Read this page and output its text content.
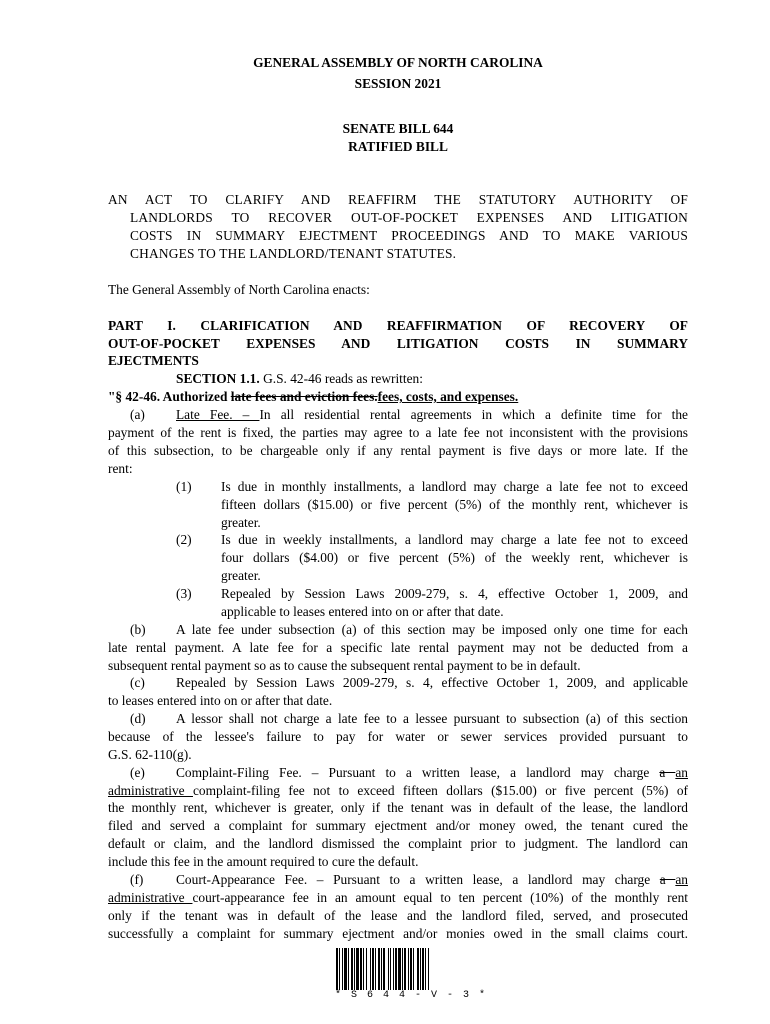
GENERAL ASSEMBLY OF NORTH CAROLINA
SESSION 2021
SENATE BILL 644
RATIFIED BILL
AN ACT TO CLARIFY AND REAFFIRM THE STATUTORY AUTHORITY OF
LANDLORDS TO RECOVER OUT-OF-POCKET EXPENSES AND LITIGATION
COSTS IN SUMMARY EJECTMENT PROCEEDINGS AND TO MAKE VARIOUS
CHANGES TO THE LANDLORD/TENANT STATUTES.
The General Assembly of North Carolina enacts:
PART I. CLARIFICATION AND REAFFIRMATION OF RECOVERY OF
OUT-OF-POCKET EXPENSES AND LITIGATION COSTS IN SUMMARY
EJECTMENTS
SECTION 1.1. G.S. 42-46 reads as rewritten:
"§ 42-46. Authorized late fees and eviction fees.fees, costs, and expenses.
(a)	Late Fee. – In all residential rental agreements in which a definite time for the
payment of the rent is fixed, the parties may agree to a late fee not inconsistent with the provisions
of this subsection, to be chargeable only if any rental payment is five days or more late. If the
rent:
(1)	Is due in monthly installments, a landlord may charge a late fee not to exceed
fifteen dollars ($15.00) or five percent (5%) of the monthly rent, whichever is
greater.
(2)	Is due in weekly installments, a landlord may charge a late fee not to exceed
four dollars ($4.00) or five percent (5%) of the weekly rent, whichever is
greater.
(3)	Repealed by Session Laws 2009-279, s. 4, effective October 1, 2009, and
applicable to leases entered into on or after that date.
(b)	A late fee under subsection (a) of this section may be imposed only one time for each
late rental payment. A late fee for a specific late rental payment may not be deducted from a
subsequent rental payment so as to cause the subsequent rental payment to be in default.
(c)	Repealed by Session Laws 2009-279, s. 4, effective October 1, 2009, and applicable
to leases entered into on or after that date.
(d)	A lessor shall not charge a late fee to a lessee pursuant to subsection (a) of this section
because of the lessee's failure to pay for water or sewer services provided pursuant to
G.S. 62-110(g).
(e)	Complaint-Filing Fee. – Pursuant to a written lease, a landlord may charge a an
administrative complaint-filing fee not to exceed fifteen dollars ($15.00) or five percent (5%) of
the monthly rent, whichever is greater, only if the tenant was in default of the lease, the landlord
filed and served a complaint for summary ejectment and/or money owed, the tenant cured the
default or claim, and the landlord dismissed the complaint prior to judgment. The landlord can
include this fee in the amount required to cure the default.
(f)	Court-Appearance Fee. – Pursuant to a written lease, a landlord may charge a an
administrative court-appearance fee in an amount equal to ten percent (10%) of the monthly rent
only if the tenant was in default of the lease and the landlord filed, served, and prosecuted
successfully a complaint for summary ejectment and/or monies owed in the small claims court.
* S 6 4 4 - V - 3 *
